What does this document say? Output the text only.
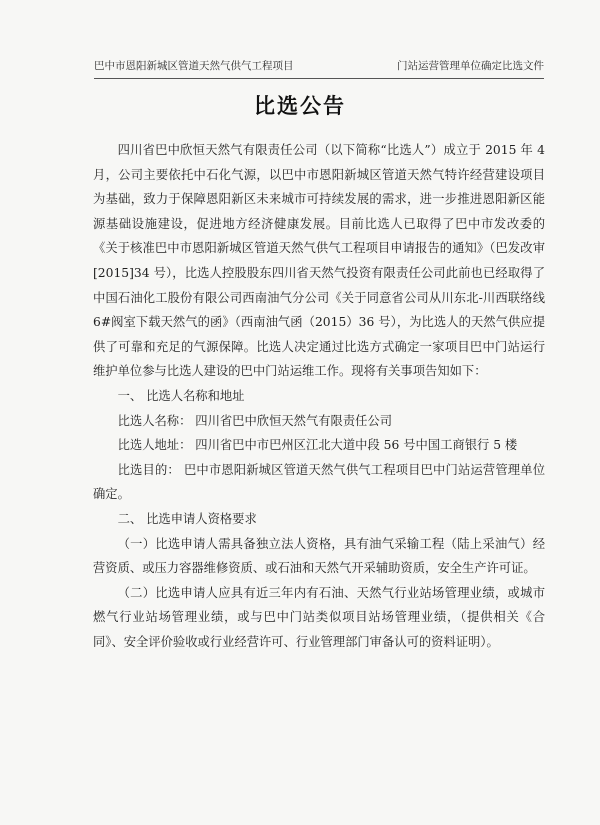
巴中市恩阳新城区管道天然气供气工程项目	门站运营管理单位确定比选文件
比选公告

四川省巴中欣恒天然气有限责任公司（以下简称“比选人”）成立于 2015 年 4 月，公司主要依托中石化气源，以巴中市恩阳新城区管道天然气特许经营建设项目为基础，致力于保障恩阳新区未来城市可持续发展的需求，进一步推进恩阳新区能源基础设施建设，促进地方经济健康发展。目前比选人已取得了巴中市发改委的《关于核准巴中市恩阳新城区管道天然气供气工程项目申请报告的通知》（巴发改审[2015]34 号），比选人控股股东四川省天然气投资有限责任公司此前也已经取得了中国石油化工股份有限公司西南油气分公司《关于同意省公司从川东北-川西联络线 6#阀室下载天然气的函》（西南油气函（2015）36 号），为比选人的天然气供应提供了可靠和充足的气源保障。比选人决定通过比选方式确定一家项目巴中门站运行维护单位参与比选人建设的巴中门站运维工作。现将有关事项告知如下：

一、 比选人名称和地址

比选人名称： 四川省巴中欣恒天然气有限责任公司

比选人地址： 四川省巴中市巴州区江北大道中段 56 号中国工商银行 5 楼

比选目的： 巴中市恩阳新城区管道天然气供气工程项目巴中门站运营管理单位确定。

二、 比选申请人资格要求

（一）比选申请人需具备独立法人资格，具有油气采输工程（陆上采油气）经营资质、或压力容器维修资质、或石油和天然气开采辅助资质，安全生产许可证。

（二）比选申请人应具有近三年内有石油、天然气行业站场管理业绩，或城市燃气行业站场管理业绩，或与巴中门站类似项目站场管理业绩，（提供相关《合同》、安全评价验收或行业经营许可、行业管理部门审备认可的资料证明）。
